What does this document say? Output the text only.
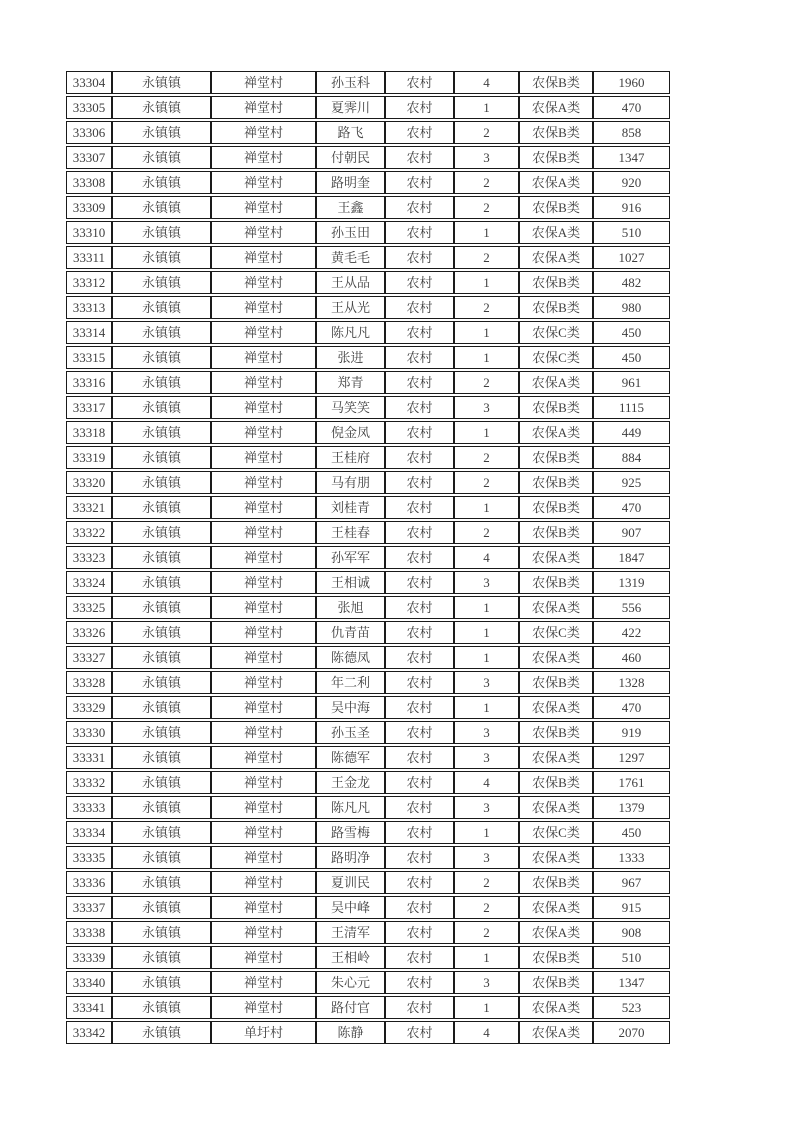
33304	永镇镇	禅堂村	孙玉科	农村	4	农保B类	1960
33305	永镇镇	禅堂村	夏霁川	农村	1	农保A类	470
33306	永镇镇	禅堂村	路飞	农村	2	农保B类	858
33307	永镇镇	禅堂村	付朝民	农村	3	农保B类	1347
33308	永镇镇	禅堂村	路明奎	农村	2	农保A类	920
33309	永镇镇	禅堂村	王鑫	农村	2	农保B类	916
33310	永镇镇	禅堂村	孙玉田	农村	1	农保A类	510
33311	永镇镇	禅堂村	黄毛毛	农村	2	农保A类	1027
33312	永镇镇	禅堂村	王从品	农村	1	农保B类	482
33313	永镇镇	禅堂村	王从光	农村	2	农保B类	980
33314	永镇镇	禅堂村	陈凡凡	农村	1	农保C类	450
33315	永镇镇	禅堂村	张进	农村	1	农保C类	450
33316	永镇镇	禅堂村	郑青	农村	2	农保A类	961
33317	永镇镇	禅堂村	马笑笑	农村	3	农保B类	1115
33318	永镇镇	禅堂村	倪金凤	农村	1	农保A类	449
33319	永镇镇	禅堂村	王桂府	农村	2	农保B类	884
33320	永镇镇	禅堂村	马有朋	农村	2	农保B类	925
33321	永镇镇	禅堂村	刘桂青	农村	1	农保B类	470
33322	永镇镇	禅堂村	王桂春	农村	2	农保B类	907
33323	永镇镇	禅堂村	孙军军	农村	4	农保A类	1847
33324	永镇镇	禅堂村	王相诚	农村	3	农保B类	1319
33325	永镇镇	禅堂村	张旭	农村	1	农保A类	556
33326	永镇镇	禅堂村	仇青苗	农村	1	农保C类	422
33327	永镇镇	禅堂村	陈德凤	农村	1	农保A类	460
33328	永镇镇	禅堂村	年二利	农村	3	农保B类	1328
33329	永镇镇	禅堂村	吴中海	农村	1	农保A类	470
33330	永镇镇	禅堂村	孙玉圣	农村	3	农保B类	919
33331	永镇镇	禅堂村	陈德军	农村	3	农保A类	1297
33332	永镇镇	禅堂村	王金龙	农村	4	农保B类	1761
33333	永镇镇	禅堂村	陈凡凡	农村	3	农保A类	1379
33334	永镇镇	禅堂村	路雪梅	农村	1	农保C类	450
33335	永镇镇	禅堂村	路明净	农村	3	农保A类	1333
33336	永镇镇	禅堂村	夏训民	农村	2	农保B类	967
33337	永镇镇	禅堂村	吴中峰	农村	2	农保A类	915
33338	永镇镇	禅堂村	王清军	农村	2	农保A类	908
33339	永镇镇	禅堂村	王相岭	农村	1	农保B类	510
33340	永镇镇	禅堂村	朱心元	农村	3	农保B类	1347
33341	永镇镇	禅堂村	路付官	农村	1	农保A类	523
33342	永镇镇	单圩村	陈静	农村	4	农保A类	2070
